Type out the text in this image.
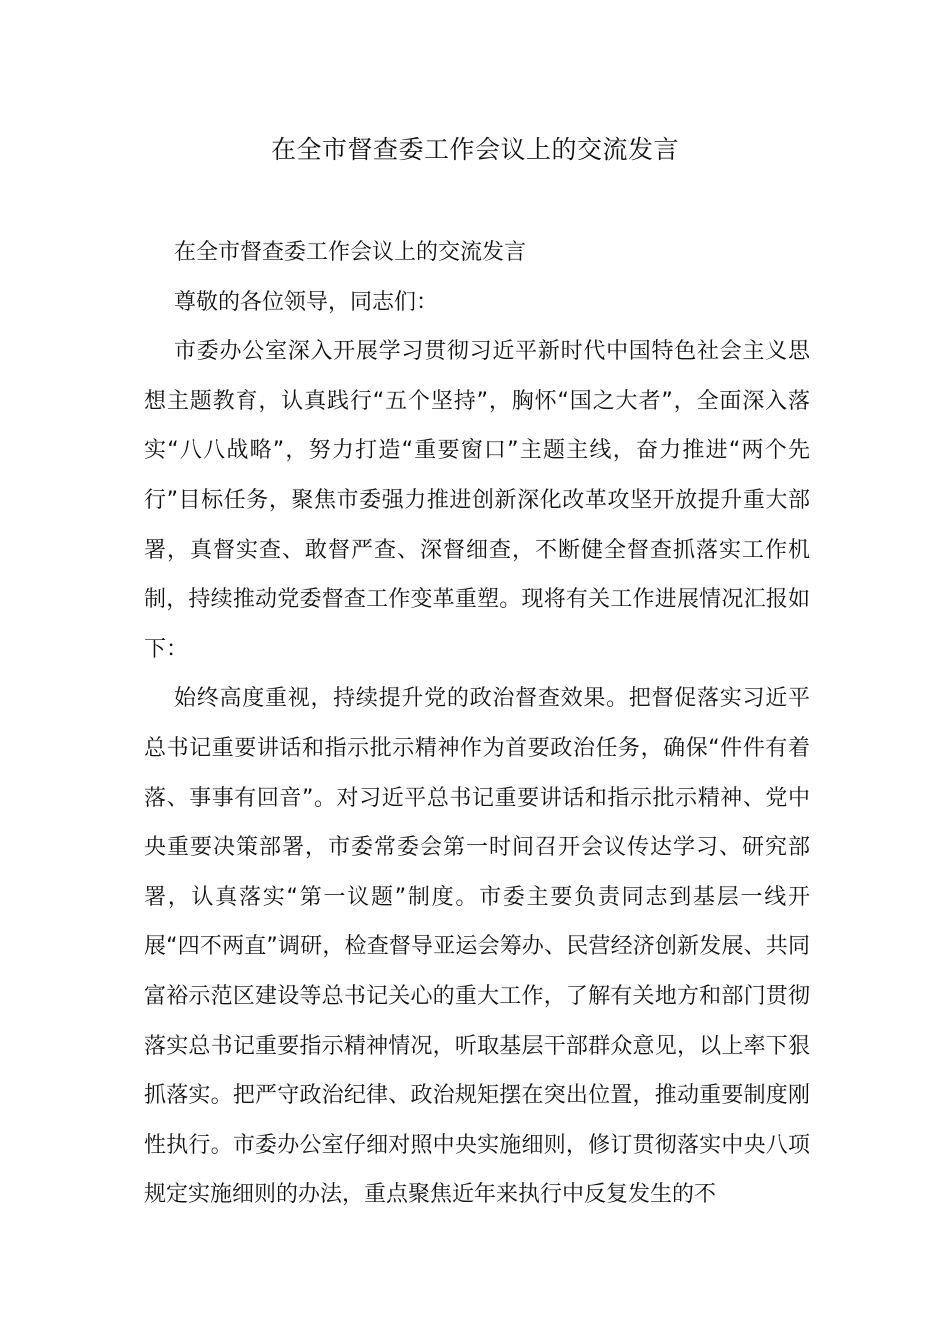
在全市督查委工作会议上的交流发言

在全市督查委工作会议上的交流发言

尊敬的各位领导，同志们：

市委办公室深入开展学习贯彻习近平新时代中国特色社会主义思想主题教育，认真践行“五个坚持”，胸怀“国之大者”，全面深入落实“八八战略”，努力打造“重要窗口”主题主线，奋力推进“两个先行”目标任务，聚焦市委强力推进创新深化改革攻坚开放提升重大部署，真督实查、敢督严查、深督细查，不断健全督查抓落实工作机制，持续推动党委督查工作变革重塑。现将有关工作进展情况汇报如下：

始终高度重视，持续提升党的政治督查效果。把督促落实习近平总书记重要讲话和指示批示精神作为首要政治任务，确保“件件有着落、事事有回音”。对习近平总书记重要讲话和指示批示精神、党中央重要决策部署，市委常委会第一时间召开会议传达学习、研究部署，认真落实“第一议题”制度。市委主要负责同志到基层一线开展“四不两直”调研，检查督导亚运会筹办、民营经济创新发展、共同富裕示范区建设等总书记关心的重大工作，了解有关地方和部门贯彻落实总书记重要指示精神情况，听取基层干部群众意见，以上率下狠抓落实。把严守政治纪律、政治规矩摆在突出位置，推动重要制度刚性执行。市委办公室仔细对照中央实施细则，修订贯彻落实中央八项规定实施细则的办法，重点聚焦近年来执行中反复发生的不
